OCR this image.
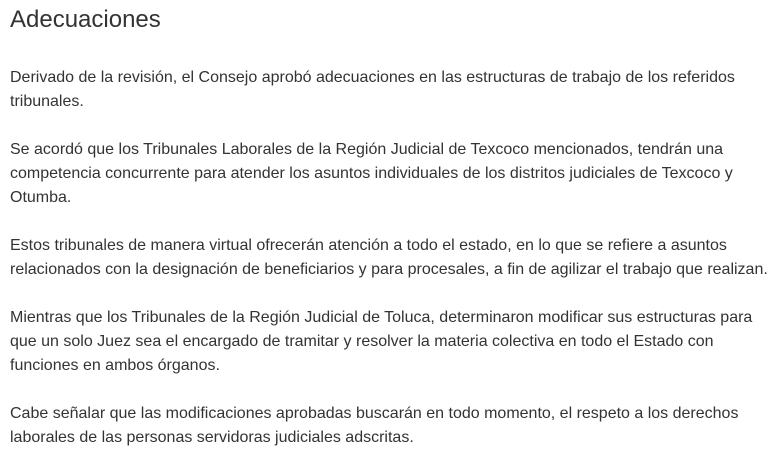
Adecuaciones

Derivado de la revisión, el Consejo aprobó adecuaciones en las estructuras de trabajo de los referidos tribunales.

Se acordó que los Tribunales Laborales de la Región Judicial de Texcoco mencionados, tendrán una competencia concurrente para atender los asuntos individuales de los distritos judiciales de Texcoco y Otumba.

Estos tribunales de manera virtual ofrecerán atención a todo el estado, en lo que se refiere a asuntos relacionados con la designación de beneficiarios y para procesales, a fin de agilizar el trabajo que realizan.

Mientras que los Tribunales de la Región Judicial de Toluca, determinaron modificar sus estructuras para que un solo Juez sea el encargado de tramitar y resolver la materia colectiva en todo el Estado con funciones en ambos órganos.

Cabe señalar que las modificaciones aprobadas buscarán en todo momento, el respeto a los derechos laborales de las personas servidoras judiciales adscritas.
